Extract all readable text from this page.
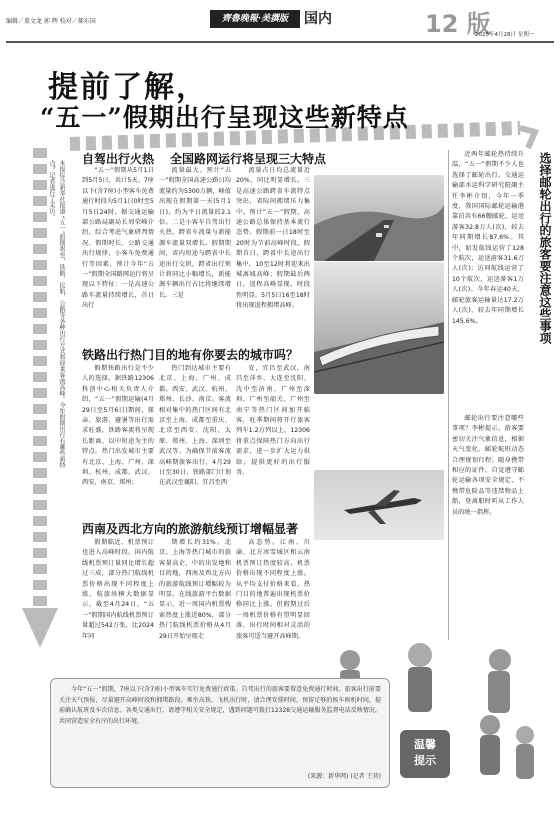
编辑／董文龙 郭 辉 校对／郝东国	齊魯晚報·美撰版	国内	12 版
2025年4月28日 星期一
提前了解，
“五一”假期出行呈现这些新特点
本报综合新华社报道 “五一”假期将至，铁路、民航、公路等各种出行方式将迎来客流高峰。今年假期出行有哪些新特点？记者进行了采访。
自驾出行火热 全国路网运行将呈现三大特点
“五一”假期从5月1日到5月5日，共计5天。7座以下(含7座)小型客车免费通行时段为5月1日0时至5月5日24时。据交通运输部公路局副局长周荣峰介绍，综合考虑气象研判情况、假期时长、公路交通出行规律、小客车免费通行等因素，预计今年“五一”假期全国路网运行将呈现以下特征：一是高速公路车流量持续增长，首日出行
流量最大。预计“五一”假期全国高速公路日均流量约为5300万辆，峰值出现在假期第一天(5月1日)，约为平日流量的2.1倍。二是小客车自驾出行火热，跨省车流量与新能源车流量双增长。假期期间，省内短途与跨省中长途出行交织，跨省出行预计将同比小幅增长，新能源车辆出行占比将继续增长。三是
流量占日均总流量近20%，同比明显增长。三是高速公路跨省车流特点突出，省际间拥堵压力集中。预计“五一”假期，高速公路总体保持基本流行态势。假期前一日18时至20时为节前高峰时段，假期首日，跨省中长途出行集中，10至12时将迎来出城离城高峰；假期最后两日，返程高峰显现，时段性明显。5月5日16至18时将出现返程拥堵高峰。
铁路出行热门目的地有你要去的城市吗？
假期铁路出行是不少人的选择。据铁路12306科创中心相关负责人介绍，“五一”假期运输(4月29日至5月6日)期间，探亲、旅游、避暑等出行需求旺盛，铁路客流将呈现长距离、以中短途为主的特点。热门出发城市主要有北京、上海、广州、深圳、杭州、成都、武汉、西安、南京、郑州；
热门到达城市主要有北京、上海、广州、成都、西安、武汉、杭州、郑州、长沙、南京。客流相对集中的热门区间有北京至上海、成都至重庆、北京至西安、沈阳、太原、郑州、上海、深圳至武汉等。为确保节前客流高峰期旅客出行，4月29日至30日，铁路部门计划在武汉至襄阳、宜昌至西
安，宜昌至武汉，南昌至萍乡、大连至沈阳、沈中至济南、广州至深圳、广州至韶关、广州至南宁等热门区间加开临客，旺季期间将开行旅客列车1.2万列以上，12306将重点保障热门方向出行需求，进一步扩大运力供给，提供更好的出行服务。
西南及西北方向的旅游航线预订增幅显著
假期临近，机票预订也进入高峰时段。国内航线机票预订量同比增长超过三成，部分热门航线机票价格出现不同程度上涨。航旅纵横大数据显示，截至4月24日，“五一”假期国内航线机票预订量超过542万张，比2024年同
期增长约31%。北京、上海等热门城市的旅客量高企，中的出发地和目的地，西南及西北方向的旅游航线预订增幅较为明显。在线旅游平台数据显示，近一周国内机票搜索热度上涨近80%，部分热门航线机票价格从4月29日开始呈现走
高态势。江南、川渝、北方冰雪城区和云南机票预订热度较高，机票价格出现不同程度上涨。从平均支付价格来看，热门目的地普遍出现机票价格同比上涨。但假期过后一周机票价格有望明显回落，出行时间相对灵活的旅客可适当避开高峰期。
近两年邮轮热持续升温，“五一”假期不少人也选择了邮轮出行。交通运输部水运科学研究院副主任李彬介绍，今年一季度，我国国际邮轮运输港靠泊共有66艘邮轮，运送游客32.8万人(次)，较去年同期增长87.6%。其中，始发航线运营了128个航次，运送游客31.6万人(次)；访问航线运营了10个航次，运送游客1万人(次)。今年春运40天，邮轮旅客运输量达17.2万人(次)，较去年同期增长145.6%。
邮轮出行要注意哪些事项？李彬提示，游客要密切关注气象信息，根据天气变化、邮轮航班动态合理规划行程；随身携带相应的证件，自觉遵守邮轮运输各项安全规定，不携带危险品等违禁物品上船，登离船时听从工作人员的统一指挥。
选择邮轮出行的旅客要注意这些事项
今年“五一”假期，7座以下(含7座)小型客车实行免费通行政策。自驾出行的旅客要留意免费通行时间。旅客出行前要关注天气预报，尽量避开高峰时段和拥堵路段。乘坐高铁、飞机出行时，请合理安排时间，预留足够的候车候机时间，提前确认航班及车次信息。各类交通出行，请遵守相关安全规定，遇到问题可拨打12328交通运输服务监督电话反映情况，共同营造安全有序的出行环境。
(来源：新华网) (记者 王营)
温馨
提示
